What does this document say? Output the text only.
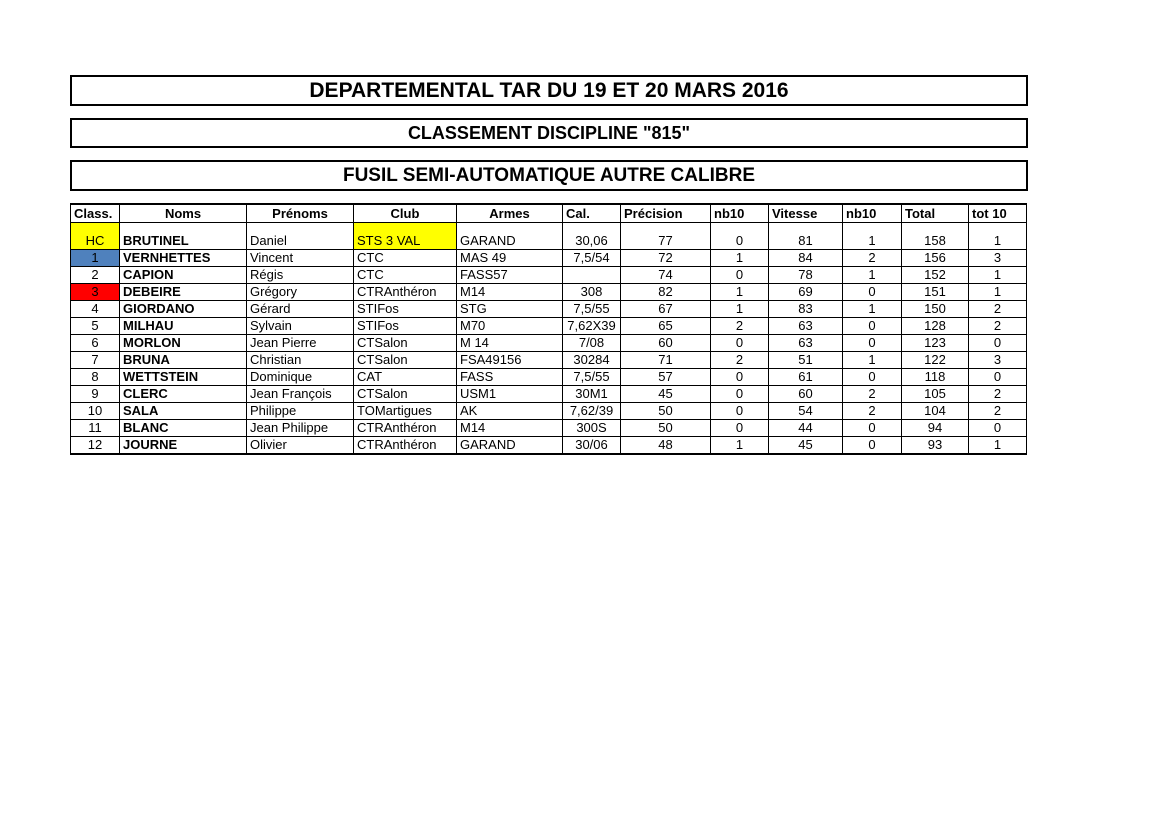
DEPARTEMENTAL TAR DU 19 ET 20 MARS 2016
CLASSEMENT DISCIPLINE "815"
FUSIL SEMI-AUTOMATIQUE AUTRE CALIBRE
Class.	Noms	Prénoms	Club	Armes	Cal.	Précision	nb10	Vitesse	nb10	Total	tot 10
HC	BRUTINEL	Daniel	STS 3 VAL	GARAND	30,06	77	0	81	1	158	1
1	VERNHETTES	Vincent	CTC	MAS 49	7,5/54	72	1	84	2	156	3
2	CAPION	Régis	CTC	FASS57		74	0	78	1	152	1
3	DEBEIRE	Grégory	CTRAnthéron	M14	308	82	1	69	0	151	1
4	GIORDANO	Gérard	STIFos	STG	7,5/55	67	1	83	1	150	2
5	MILHAU	Sylvain	STIFos	M70	7,62X39	65	2	63	0	128	2
6	MORLON	Jean Pierre	CTSalon	M 14	7/08	60	0	63	0	123	0
7	BRUNA	Christian	CTSalon	FSA49156	30284	71	2	51	1	122	3
8	WETTSTEIN	Dominique	CAT	FASS	7,5/55	57	0	61	0	118	0
9	CLERC	Jean François	CTSalon	USM1	30M1	45	0	60	2	105	2
10	SALA	Philippe	TOMartigues	AK	7,62/39	50	0	54	2	104	2
11	BLANC	Jean Philippe	CTRAnthéron	M14	300S	50	0	44	0	94	0
12	JOURNE	Olivier	CTRAnthéron	GARAND	30/06	48	1	45	0	93	1
